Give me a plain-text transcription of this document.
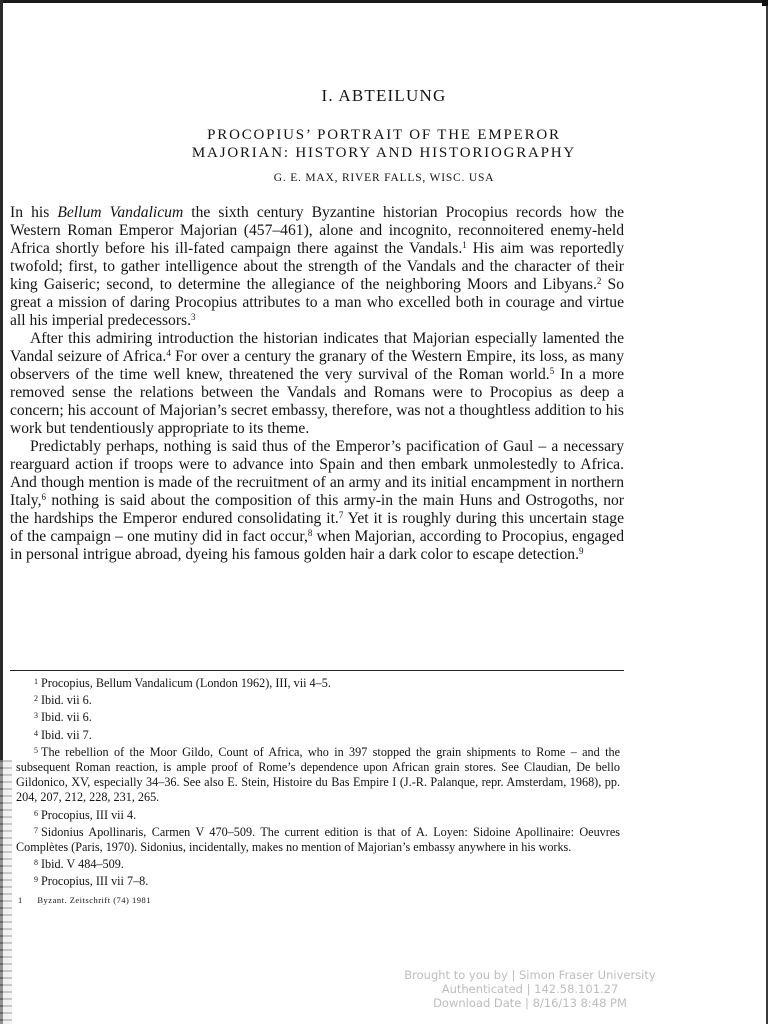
I. ABTEILUNG

PROCOPIUS’ PORTRAIT OF THE EMPEROR
MAJORIAN: HISTORY AND HISTORIOGRAPHY

G. E. MAX, RIVER FALLS, WISC. USA

In his Bellum Vandalicum the sixth century Byzantine historian Procopius records how the Western Roman Emperor Majorian (457–461), alone and incognito, reconnoitered enemy-held Africa shortly before his ill-fated campaign there against the Vandals.$^1$ His aim was reportedly twofold; first, to gather intelligence about the strength of the Vandals and the character of their king Gaiseric; second, to determine the allegiance of the neighboring Moors and Libyans.$^2$ So great a mission of daring Procopius attributes to a man who excelled both in courage and virtue all his imperial predecessors.$^3$

After this admiring introduction the historian indicates that Majorian especially lamented the Vandal seizure of Africa.$^4$ For over a century the granary of the Western Empire, its loss, as many observers of the time well knew, threatened the very survival of the Roman world.$^5$ In a more removed sense the relations between the Vandals and Romans were to Procopius as deep a concern; his account of Majorian’s secret embassy, therefore, was not a thoughtless addition to his work but tendentiously appropriate to its theme.

Predictably perhaps, nothing is said thus of the Emperor’s pacification of Gaul – a necessary rearguard action if troops were to advance into Spain and then embark unmolestedly to Africa. And though mention is made of the recruitment of an army and its initial encampment in northern Italy,$^6$ nothing is said about the composition of this army-in the main Huns and Ostrogoths, nor the hardships the Emperor endured consolidating it.$^7$ Yet it is roughly during this uncertain stage of the campaign – one mutiny did in fact occur,$^8$ when Majorian, according to Procopius, engaged in personal intrigue abroad, dyeing his famous golden hair a dark color to escape detection.$^9$

$^1$ Procopius, Bellum Vandalicum (London 1962), III, vii 4–5.

$^2$ Ibid. vii 6.

$^3$ Ibid. vii 6.

$^4$ Ibid. vii 7.

$^5$ The rebellion of the Moor Gildo, Count of Africa, who in 397 stopped the grain shipments to Rome – and the subsequent Roman reaction, is ample proof of Rome’s dependence upon African grain stores. See Claudian, De bello Gildonico, XV, especially 34–36. See also E. Stein, Histoire du Bas Empire I (J.-R. Palanque, repr. Amsterdam, 1968), pp. 204, 207, 212, 228, 231, 265.

$^6$ Procopius, III vii 4.

$^7$ Sidonius Apollinaris, Carmen V 470–509. The current edition is that of A. Loyen: Sidoine Apollinaire: Oeuvres Complètes (Paris, 1970). Sidonius, incidentally, makes no mention of Majorian’s embassy anywhere in his works.

$^8$ Ibid. V 484–509.

$^9$ Procopius, III vii 7–8.

1 Byzant. Zeitschrift (74) 1981
Brought to you by | Simon Fraser University
Authenticated | 142.58.101.27
Download Date | 8/16/13 8:48 PM
